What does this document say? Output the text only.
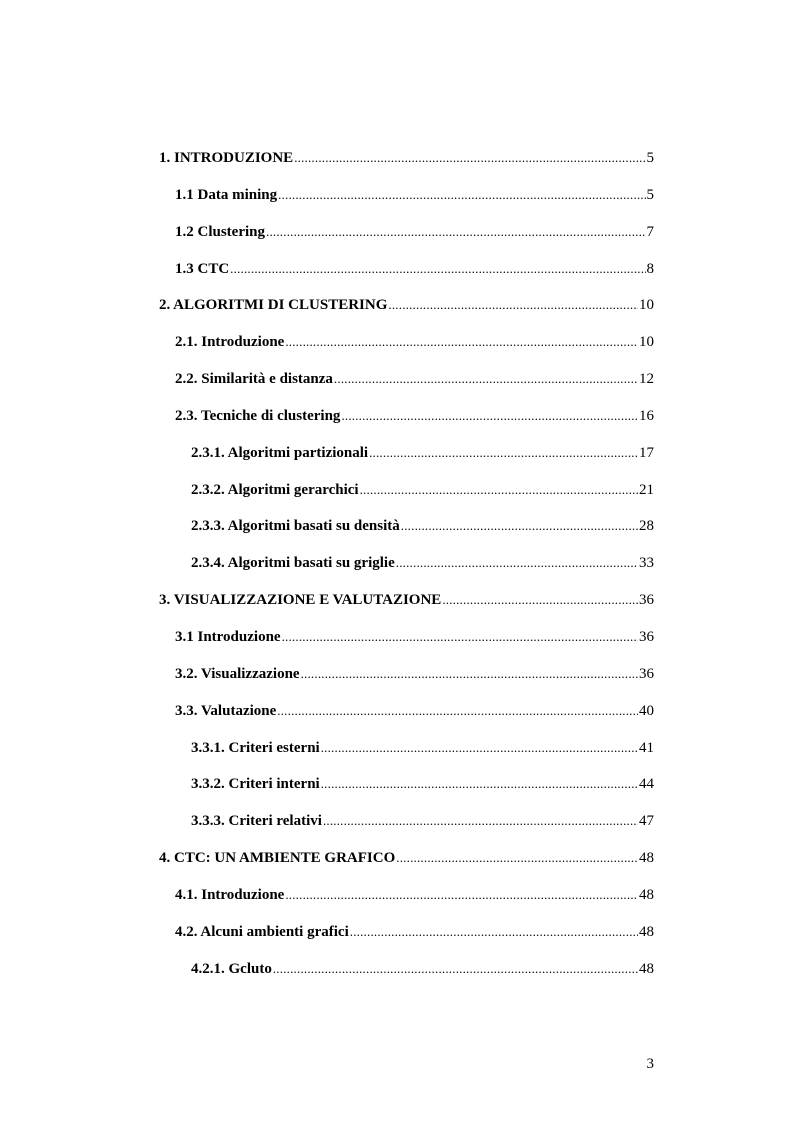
1. INTRODUZIONE .....	5
1.1 Data mining .....	5
1.2 Clustering .....	7
1.3 CTC .....	8
2. ALGORITMI DI CLUSTERING .....	10
2.1. Introduzione .....	10
2.2. Similarità e distanza .....	12
2.3. Tecniche di clustering .....	16
2.3.1. Algoritmi partizionali .....	17
2.3.2. Algoritmi gerarchici .....	21
2.3.3. Algoritmi basati su densità .....	28
2.3.4. Algoritmi basati su griglie .....	33
3. VISUALIZZAZIONE E VALUTAZIONE .....	36
3.1 Introduzione .....	36
3.2. Visualizzazione .....	36
3.3. Valutazione .....	40
3.3.1. Criteri esterni .....	41
3.3.2. Criteri interni .....	44
3.3.3. Criteri relativi .....	47
4. CTC: UN AMBIENTE GRAFICO .....	48
4.1. Introduzione .....	48
4.2. Alcuni ambienti grafici .....	48
4.2.1. Gcluto .....	48
3
